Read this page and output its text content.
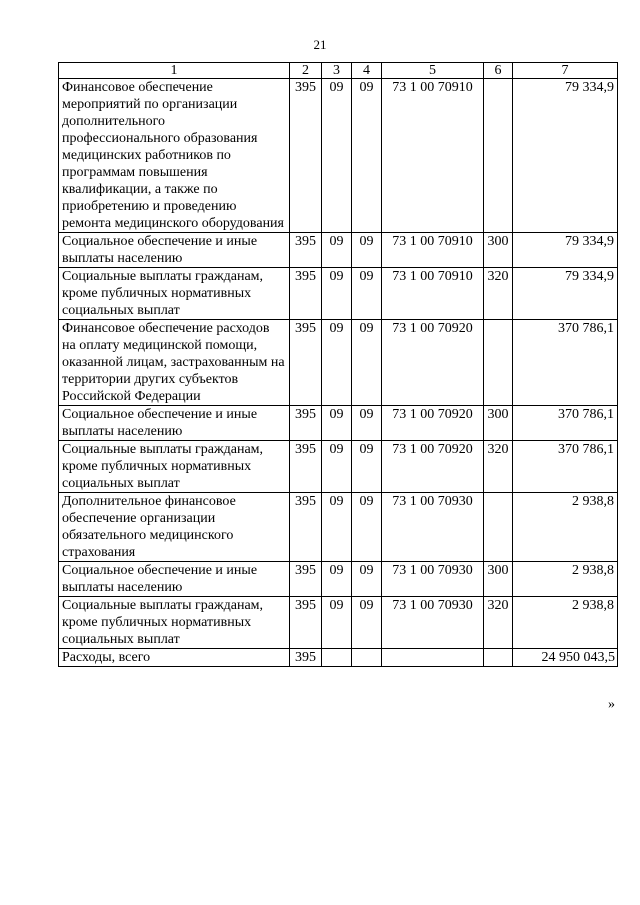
21
1	2	3	4	5	6	7
Финансовое обеспечение мероприятий по организации дополнительного профессионального образования медицинских работников по программам повышения квалификации, а также по приобретению и проведению ремонта медицинского оборудования	395	09	09	73 1 00 70910		79 334,9
Социальное обеспечение и иные выплаты населению	395	09	09	73 1 00 70910	300	79 334,9
Социальные выплаты гражданам, кроме публичных нормативных социальных выплат	395	09	09	73 1 00 70910	320	79 334,9
Финансовое обеспечение расходов на оплату медицинской помощи, оказанной лицам, застрахованным на территории других субъектов Российской Федерации	395	09	09	73 1 00 70920		370 786,1
Социальное обеспечение и иные выплаты населению	395	09	09	73 1 00 70920	300	370 786,1
Социальные выплаты гражданам, кроме публичных нормативных социальных выплат	395	09	09	73 1 00 70920	320	370 786,1
Дополнительное финансовое обеспечение организации обязательного медицинского страхования	395	09	09	73 1 00 70930		2 938,8
Социальное обеспечение и иные выплаты населению	395	09	09	73 1 00 70930	300	2 938,8
Социальные выплаты гражданам, кроме публичных нормативных социальных выплат	395	09	09	73 1 00 70930	320	2 938,8
Расходы, всего	395					24 950 043,5
»
